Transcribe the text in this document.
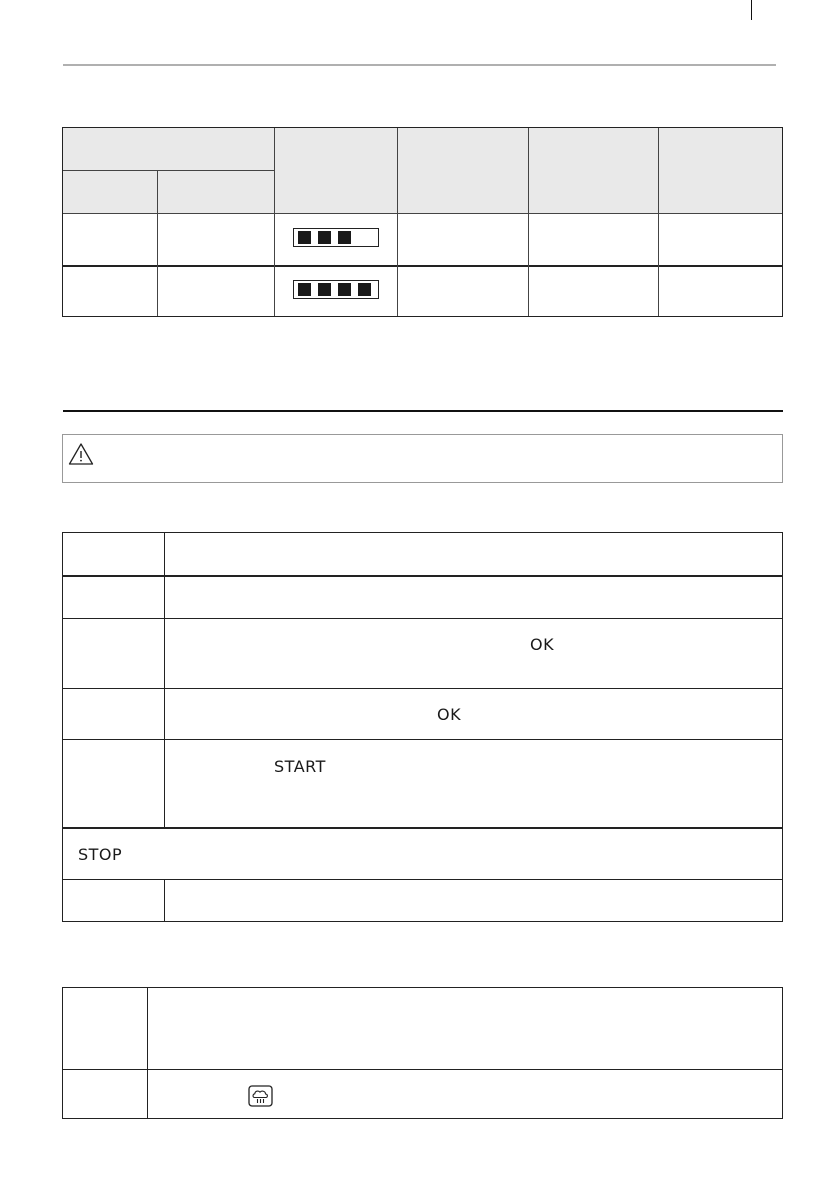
OK
OK
START
STOP
